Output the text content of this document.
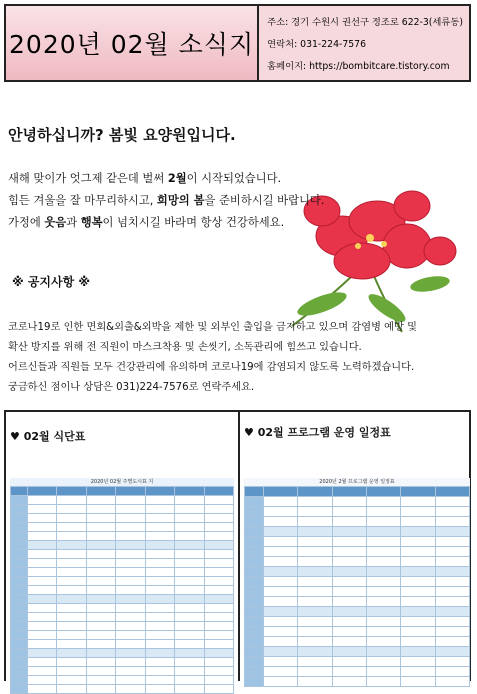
2020년 02월 소식지
주소: 경기 수원시 권선구 정조로 622-3(세류동)
연락처: 031-224-7576
홈페이지: https://bombitcare.tistory.com
안녕하십니까? 봄빛 요양원입니다.
새해 맞이가 엇그제 같은데 벌써 2월이 시작되었습니다.
힘든 겨울을 잘 마무리하시고, 희망의 봄을 준비하시길 바랍니다.
가정에 웃음과 행복이 넘치시길 바라며 항상 건강하세요.
※ 공지사항 ※
코로나19로 인한 면회&외출&외박을 제한 및 외부인 출입을 금지하고 있으며 감염병 예방 및
확산 방지를 위해 전 직원이 마스크착용 및 손씻기, 소독관리에 힘쓰고 있습니다.
어르신들과 직원들 모두 건강관리에 유의하며 코로나19에 감염되지 않도록 노력하겠습니다.
궁금하신 점이나 상담은 031)224-7576로 연락주세요.
♥ 02월 식단표	♥ 02월 프로그램 운영 일정표
2020년 02월 주별도시표 지	2020년 2월 프로그램 운영 일정표
